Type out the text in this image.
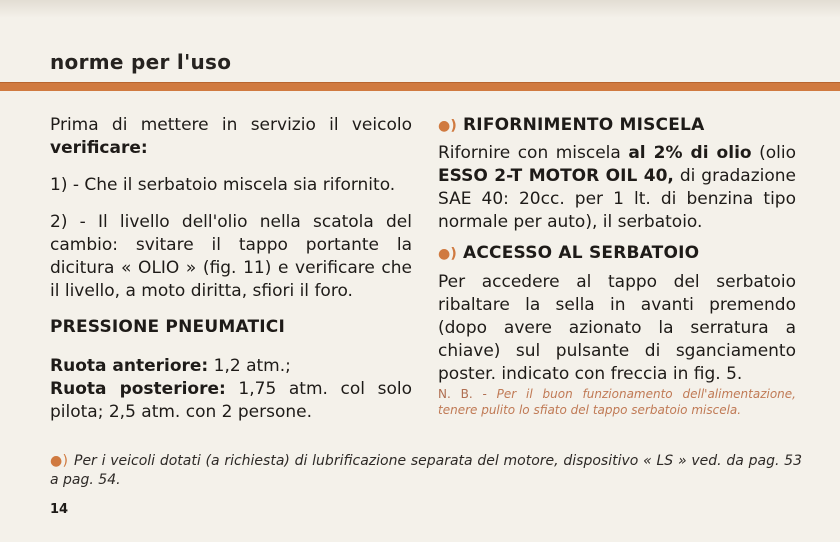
norme per l'uso

Prima di mettere in servizio il veicolo verificare:

1) - Che il serbatoio miscela sia rifornito.

2) - Il livello dell'olio nella scatola del cambio: svitare il tappo portante la dicitura « OLIO » (fig. 11) e verificare che il livello, a moto diritta, sfiori il foro.

PRESSIONE PNEUMATICI

Ruota anteriore: 1,2 atm.;

Ruota posteriore: 1,75 atm. col solo pilota; 2,5 atm. con 2 persone.

●) RIFORNIMENTO MISCELA

Rifornire con miscela al 2% di olio (olio ESSO 2-T MOTOR OIL 40, di gradazione SAE 40: 20cc. per 1 lt. di benzina tipo normale per auto), il serbatoio.

●) ACCESSO AL SERBATOIO

Per accedere al tappo del serbatoio ribaltare la sella in avanti premendo (dopo avere azionato la serratura a chiave) sul pulsante di sganciamento poster. indicato con freccia in fig. 5.

N. B. - Per il buon funzionamento dell'alimentazione, tenere pulito lo sfiato del tappo serbatoio miscela.

●) Per i veicoli dotati (a richiesta) di lubrificazione separata del motore, dispositivo « LS » ved. da pag. 53 a pag. 54.
14
